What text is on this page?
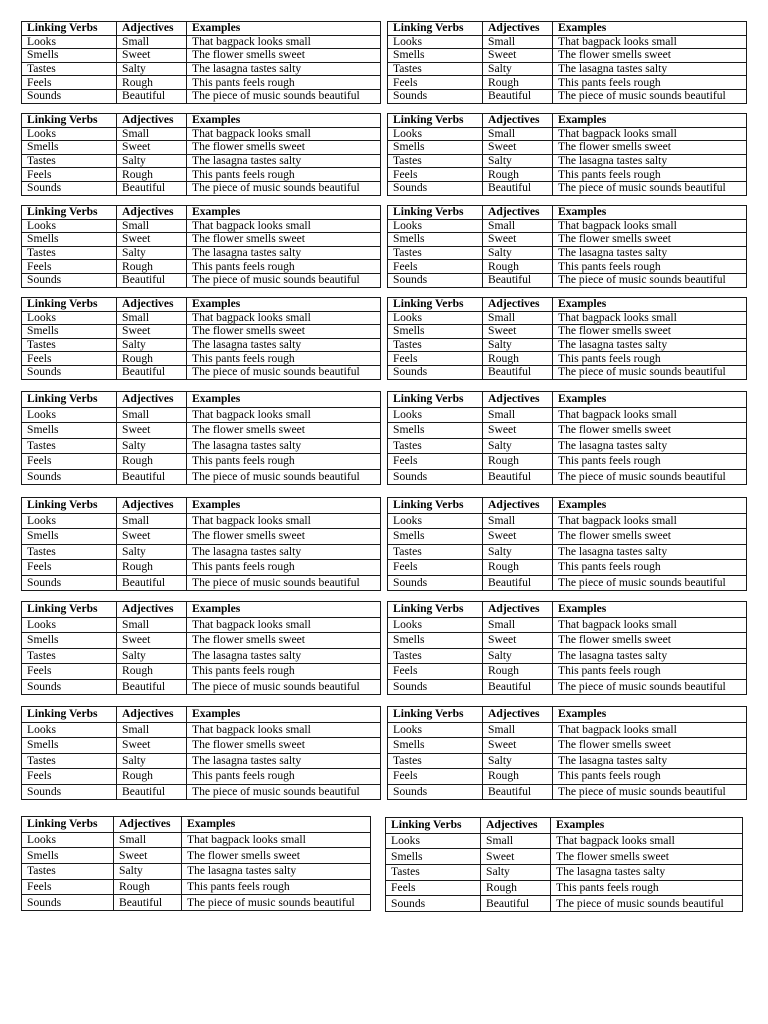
Linking Verbs	Adjectives	Examples
Looks	Small	That bagpack looks small
Smells	Sweet	The flower smells sweet
Tastes	Salty	The lasagna tastes salty
Feels	Rough	This pants feels rough
Sounds	Beautiful	The piece of music sounds beautiful
Linking Verbs	Adjectives	Examples
Looks	Small	That bagpack looks small
Smells	Sweet	The flower smells sweet
Tastes	Salty	The lasagna tastes salty
Feels	Rough	This pants feels rough
Sounds	Beautiful	The piece of music sounds beautiful
Linking Verbs	Adjectives	Examples
Looks	Small	That bagpack looks small
Smells	Sweet	The flower smells sweet
Tastes	Salty	The lasagna tastes salty
Feels	Rough	This pants feels rough
Sounds	Beautiful	The piece of music sounds beautiful
Linking Verbs	Adjectives	Examples
Looks	Small	That bagpack looks small
Smells	Sweet	The flower smells sweet
Tastes	Salty	The lasagna tastes salty
Feels	Rough	This pants feels rough
Sounds	Beautiful	The piece of music sounds beautiful
Linking Verbs	Adjectives	Examples
Looks	Small	That bagpack looks small
Smells	Sweet	The flower smells sweet
Tastes	Salty	The lasagna tastes salty
Feels	Rough	This pants feels rough
Sounds	Beautiful	The piece of music sounds beautiful
Linking Verbs	Adjectives	Examples
Looks	Small	That bagpack looks small
Smells	Sweet	The flower smells sweet
Tastes	Salty	The lasagna tastes salty
Feels	Rough	This pants feels rough
Sounds	Beautiful	The piece of music sounds beautiful
Linking Verbs	Adjectives	Examples
Looks	Small	That bagpack looks small
Smells	Sweet	The flower smells sweet
Tastes	Salty	The lasagna tastes salty
Feels	Rough	This pants feels rough
Sounds	Beautiful	The piece of music sounds beautiful
Linking Verbs	Adjectives	Examples
Looks	Small	That bagpack looks small
Smells	Sweet	The flower smells sweet
Tastes	Salty	The lasagna tastes salty
Feels	Rough	This pants feels rough
Sounds	Beautiful	The piece of music sounds beautiful
Linking Verbs	Adjectives	Examples
Looks	Small	That bagpack looks small
Smells	Sweet	The flower smells sweet
Tastes	Salty	The lasagna tastes salty
Feels	Rough	This pants feels rough
Sounds	Beautiful	The piece of music sounds beautiful
Linking Verbs	Adjectives	Examples
Looks	Small	That bagpack looks small
Smells	Sweet	The flower smells sweet
Tastes	Salty	The lasagna tastes salty
Feels	Rough	This pants feels rough
Sounds	Beautiful	The piece of music sounds beautiful
Linking Verbs	Adjectives	Examples
Looks	Small	That bagpack looks small
Smells	Sweet	The flower smells sweet
Tastes	Salty	The lasagna tastes salty
Feels	Rough	This pants feels rough
Sounds	Beautiful	The piece of music sounds beautiful
Linking Verbs	Adjectives	Examples
Looks	Small	That bagpack looks small
Smells	Sweet	The flower smells sweet
Tastes	Salty	The lasagna tastes salty
Feels	Rough	This pants feels rough
Sounds	Beautiful	The piece of music sounds beautiful
Linking Verbs	Adjectives	Examples
Looks	Small	That bagpack looks small
Smells	Sweet	The flower smells sweet
Tastes	Salty	The lasagna tastes salty
Feels	Rough	This pants feels rough
Sounds	Beautiful	The piece of music sounds beautiful
Linking Verbs	Adjectives	Examples
Looks	Small	That bagpack looks small
Smells	Sweet	The flower smells sweet
Tastes	Salty	The lasagna tastes salty
Feels	Rough	This pants feels rough
Sounds	Beautiful	The piece of music sounds beautiful
Linking Verbs	Adjectives	Examples
Looks	Small	That bagpack looks small
Smells	Sweet	The flower smells sweet
Tastes	Salty	The lasagna tastes salty
Feels	Rough	This pants feels rough
Sounds	Beautiful	The piece of music sounds beautiful
Linking Verbs	Adjectives	Examples
Looks	Small	That bagpack looks small
Smells	Sweet	The flower smells sweet
Tastes	Salty	The lasagna tastes salty
Feels	Rough	This pants feels rough
Sounds	Beautiful	The piece of music sounds beautiful
Linking Verbs	Adjectives	Examples
Looks	Small	That bagpack looks small
Smells	Sweet	The flower smells sweet
Tastes	Salty	The lasagna tastes salty
Feels	Rough	This pants feels rough
Sounds	Beautiful	The piece of music sounds beautiful
Linking Verbs	Adjectives	Examples
Looks	Small	That bagpack looks small
Smells	Sweet	The flower smells sweet
Tastes	Salty	The lasagna tastes salty
Feels	Rough	This pants feels rough
Sounds	Beautiful	The piece of music sounds beautiful
